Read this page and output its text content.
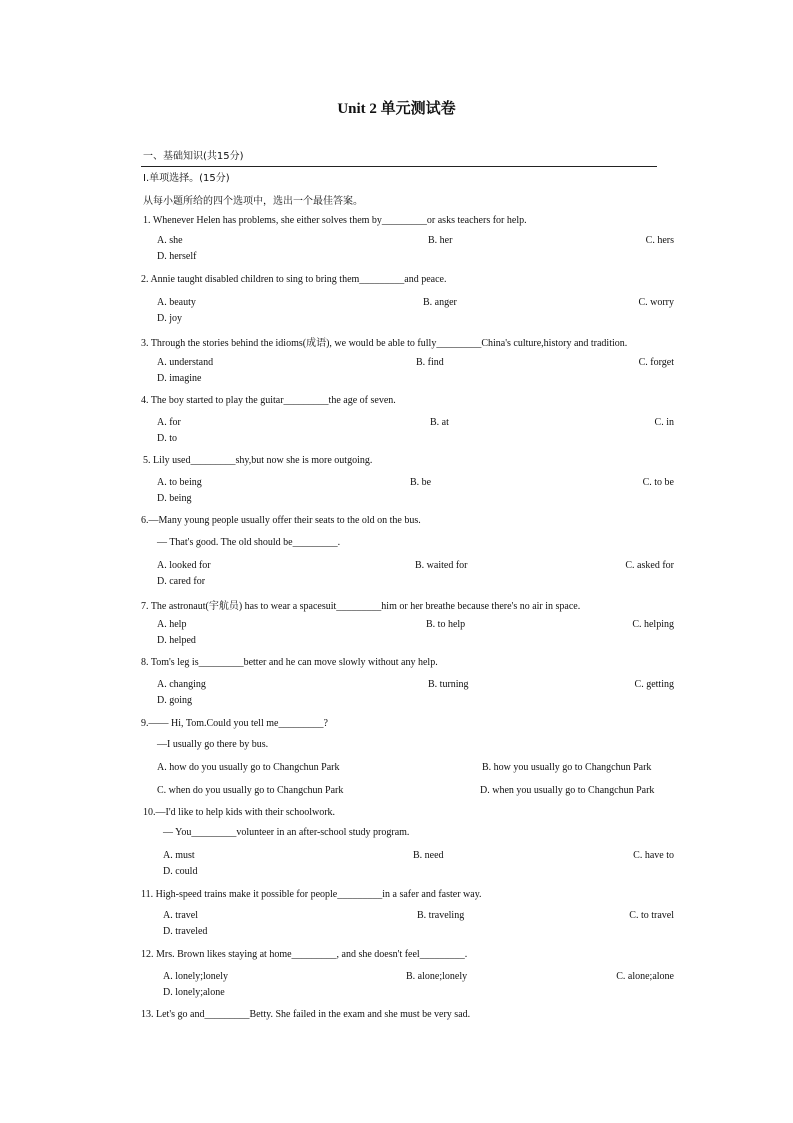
Unit 2 单元测试卷
一、基础知识(共15分)
Ⅰ.单项选择。(15分)
从每小题所给的四个选项中，选出一个最佳答案。
1. Whenever Helen has problems, she either solves them by_________or asks teachers for help.
A. she	B. her	C. hers
D. herself
2. Annie taught disabled children to sing to bring them_________and peace.
A. beauty	B. anger	C. worry
D. joy
3. Through the stories behind the idioms(成语), we would be able to fully_________China's culture,history and tradition.
A. understand	B. find	C. forget
D. imagine
4. The boy started to play the guitar_________the age of seven.
A. for	B. at	C. in
D. to
5. Lily used_________shy,but now she is more outgoing.
A. to being	B. be	C. to be
D. being
6.—Many young people usually offer their seats to the old on the bus.
— That's good. The old should be_________.
A. looked for	B. waited for	C. asked for
D. cared for
7. The astronaut(宇航员) has to wear a spacesuit_________him or her breathe because there's no air in space.
A. help	B. to help	C. helping
D. helped
8. Tom's leg is_________better and he can move slowly without any help.
A. changing	B. turning	C. getting
D. going
9.—— Hi, Tom.Could you tell me_________?
—I usually go there by bus.
A. how do you usually go to Changchun Park	B. how you usually go to Changchun Park
C. when do you usually go to Changchun Park	D. when you usually go to Changchun Park
10.—I'd like to help kids with their schoolwork.
— You_________volunteer in an after-school study program.
A. must	B. need	C. have to
D. could
11. High-speed trains make it possible for people_________in a safer and faster way.
A. travel	B. traveling	C. to travel
D. traveled
12. Mrs. Brown likes staying at home_________, and she doesn't feel_________.
A. lonely;lonely	B. alone;lonely	C. alone;alone
D. lonely;alone
13. Let's go and_________Betty. She failed in the exam and she must be very sad.
